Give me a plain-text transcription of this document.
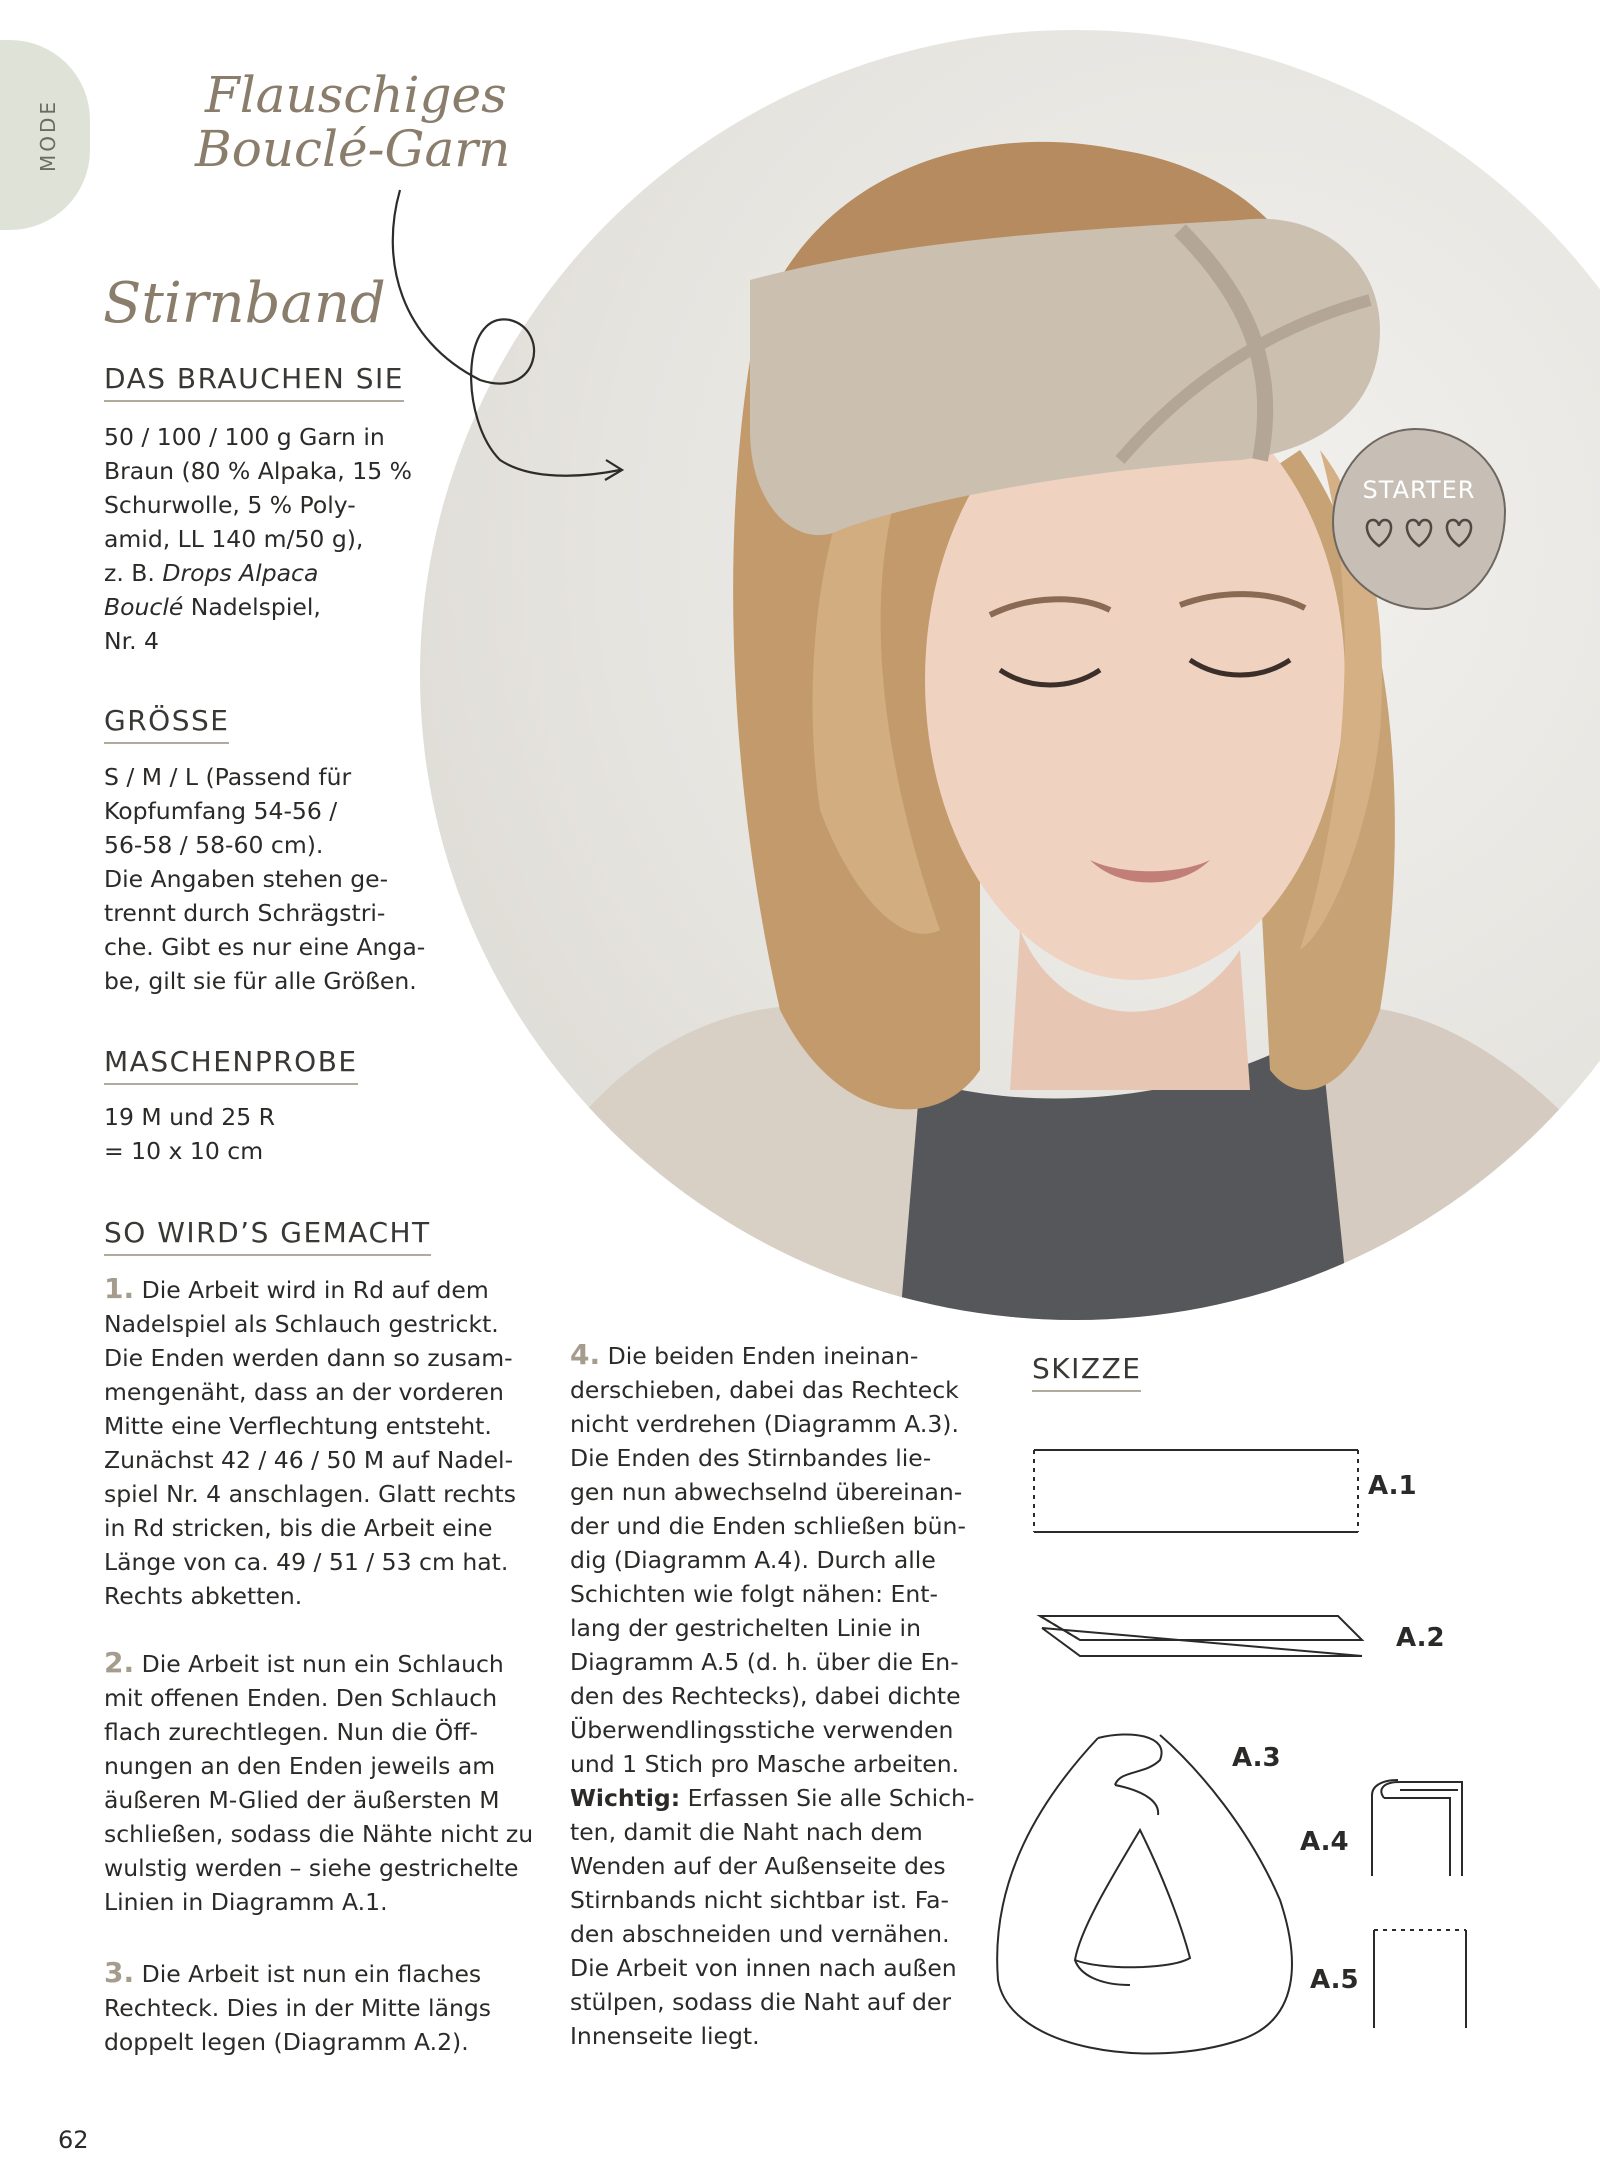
MODE
Flauschiges
Bouclé-Garn
Stirnband
STARTER
DAS BRAUCHEN SIE
50 / 100 / 100 g Garn in
Braun (80 % Alpaka, 15 %
Schurwolle, 5 % Poly-
amid, LL 140 m/50 g),
z. B. Drops Alpaca
Bouclé Nadelspiel,
Nr. 4
GRÖSSE
S / M / L (Passend für
Kopfumfang 54-56 /
56-58 / 58-60 cm).
Die Angaben stehen ge-
trennt durch Schrägstri-
che. Gibt es nur eine Anga-
be, gilt sie für alle Größen.
MASCHENPROBE
19 M und 25 R
= 10 x 10 cm
SO WIRD’S GEMACHT
1. Die Arbeit wird in Rd auf dem
Nadelspiel als Schlauch gestrickt.
Die Enden werden dann so zusam-
mengenäht, dass an der vorderen
Mitte eine Verflechtung entsteht.
Zunächst 42 / 46 / 50 M auf Nadel-
spiel Nr. 4 anschlagen. Glatt rechts
in Rd stricken, bis die Arbeit eine
Länge von ca. 49 / 51 / 53 cm hat.
Rechts abketten.
2. Die Arbeit ist nun ein Schlauch
mit offenen Enden. Den Schlauch
flach zurechtlegen. Nun die Öff-
nungen an den Enden jeweils am
äußeren M-Glied der äußersten M
schließen, sodass die Nähte nicht zu
wulstig werden – siehe gestrichelte
Linien in Diagramm A.1.
3. Die Arbeit ist nun ein flaches
Rechteck. Dies in der Mitte längs
doppelt legen (Diagramm A.2).
4. Die beiden Enden ineinan-
derschieben, dabei das Rechteck
nicht verdrehen (Diagramm A.3).
Die Enden des Stirnbandes lie-
gen nun abwechselnd übereinan-
der und die Enden schließen bün-
dig (Diagramm A.4). Durch alle
Schichten wie folgt nähen: Ent-
lang der gestrichelten Linie in
Diagramm A.5 (d. h. über die En-
den des Rechtecks), dabei dichte
Überwendlingsstiche verwenden
und 1 Stich pro Masche arbeiten.
Wichtig: Erfassen Sie alle Schich-
ten, damit die Naht nach dem
Wenden auf der Außenseite des
Stirnbands nicht sichtbar ist. Fa-
den abschneiden und vernähen.
Die Arbeit von innen nach außen
stülpen, sodass die Naht auf der
Innenseite liegt.
SKIZZE
A.1
A.2
A.3
A.4
A.5
62
